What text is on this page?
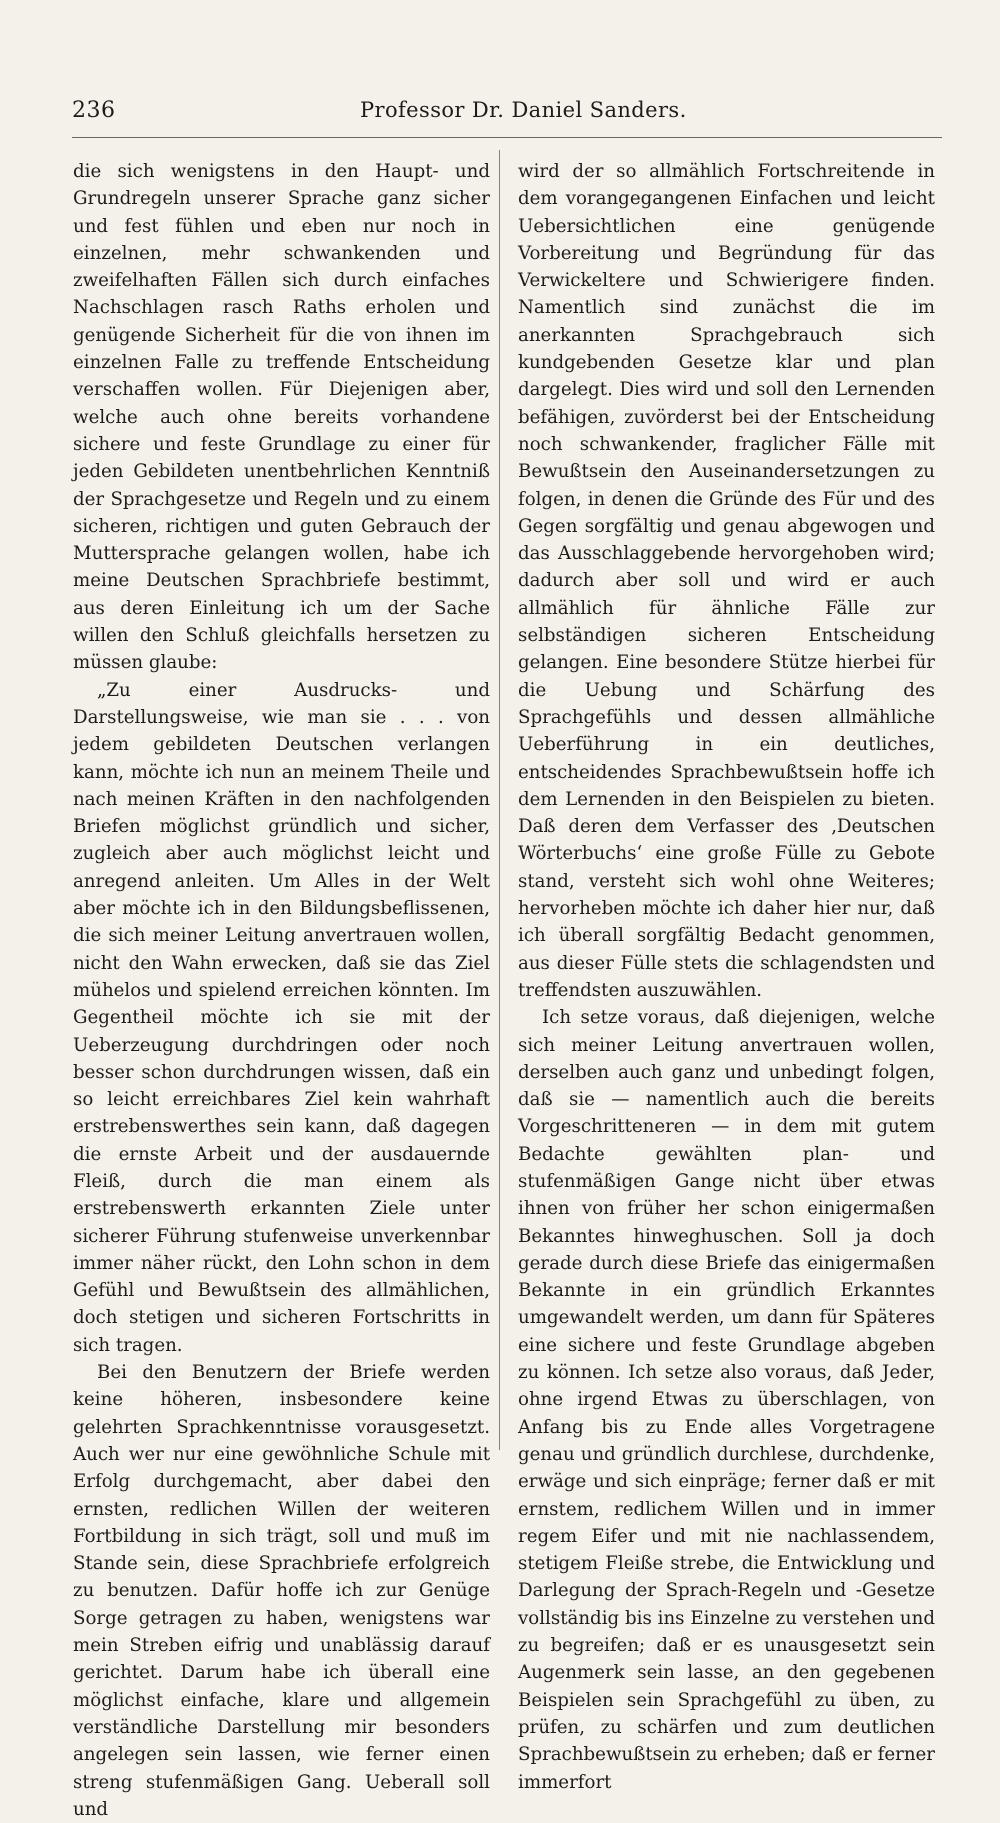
236	Professor Dr. Daniel Sanders.

die sich wenigstens in den Haupt- und Grundregeln unserer Sprache ganz sicher und fest fühlen und eben nur noch in einzelnen, mehr schwankenden und zweifelhaften Fällen sich durch einfaches Nachschlagen rasch Raths erholen und genügende Sicherheit für die von ihnen im einzelnen Falle zu treffende Entscheidung verschaffen wollen. Für Diejenigen aber, welche auch ohne bereits vorhandene sichere und feste Grundlage zu einer für jeden Gebildeten unentbehrlichen Kenntniß der Sprachgesetze und Regeln und zu einem sicheren, richtigen und guten Gebrauch der Muttersprache gelangen wollen, habe ich meine Deutschen Sprachbriefe bestimmt, aus deren Einleitung ich um der Sache willen den Schluß gleichfalls hersetzen zu müssen glaube:

„Zu einer Ausdrucks- und Darstellungsweise, wie man sie . . . von jedem gebildeten Deutschen verlangen kann, möchte ich nun an meinem Theile und nach meinen Kräften in den nachfolgenden Briefen möglichst gründlich und sicher, zugleich aber auch möglichst leicht und anregend anleiten. Um Alles in der Welt aber möchte ich in den Bildungsbeflissenen, die sich meiner Leitung anvertrauen wollen, nicht den Wahn erwecken, daß sie das Ziel mühelos und spielend erreichen könnten. Im Gegentheil möchte ich sie mit der Ueberzeugung durchdringen oder noch besser schon durchdrungen wissen, daß ein so leicht erreichbares Ziel kein wahrhaft erstrebenswerthes sein kann, daß dagegen die ernste Arbeit und der ausdauernde Fleiß, durch die man einem als erstrebenswerth erkannten Ziele unter sicherer Führung stufenweise unverkennbar immer näher rückt, den Lohn schon in dem Gefühl und Bewußtsein des allmählichen, doch stetigen und sicheren Fortschritts in sich tragen.

Bei den Benutzern der Briefe werden keine höheren, insbesondere keine gelehrten Sprachkenntnisse vorausgesetzt. Auch wer nur eine gewöhnliche Schule mit Erfolg durchgemacht, aber dabei den ernsten, redlichen Willen der weiteren Fortbildung in sich trägt, soll und muß im Stande sein, diese Sprachbriefe erfolgreich zu benutzen. Dafür hoffe ich zur Genüge Sorge getragen zu haben, wenigstens war mein Streben eifrig und unablässig darauf gerichtet. Darum habe ich überall eine möglichst einfache, klare und allgemein verständliche Darstellung mir besonders angelegen sein lassen, wie ferner einen streng stufenmäßigen Gang. Ueberall soll und

wird der so allmählich Fortschreitende in dem vorangegangenen Einfachen und leicht Uebersichtlichen eine genügende Vorbereitung und Begründung für das Verwickeltere und Schwierigere finden. Namentlich sind zunächst die im anerkannten Sprachgebrauch sich kundgebenden Gesetze klar und plan dargelegt. Dies wird und soll den Lernenden befähigen, zuvörderst bei der Entscheidung noch schwankender, fraglicher Fälle mit Bewußtsein den Auseinandersetzungen zu folgen, in denen die Gründe des Für und des Gegen sorgfältig und genau abgewogen und das Ausschlaggebende hervorgehoben wird; dadurch aber soll und wird er auch allmählich für ähnliche Fälle zur selbständigen sicheren Entscheidung gelangen. Eine besondere Stütze hierbei für die Uebung und Schärfung des Sprachgefühls und dessen allmähliche Ueberführung in ein deutliches, entscheidendes Sprachbewußtsein hoffe ich dem Lernenden in den Beispielen zu bieten. Daß deren dem Verfasser des ‚Deutschen Wörterbuchs‘ eine große Fülle zu Gebote stand, versteht sich wohl ohne Weiteres; hervorheben möchte ich daher hier nur, daß ich überall sorgfältig Bedacht genommen, aus dieser Fülle stets die schlagendsten und treffendsten auszuwählen.

Ich setze voraus, daß diejenigen, welche sich meiner Leitung anvertrauen wollen, derselben auch ganz und unbedingt folgen, daß sie — namentlich auch die bereits Vorgeschritteneren — in dem mit gutem Bedachte gewählten plan- und stufenmäßigen Gange nicht über etwas ihnen von früher her schon einigermaßen Bekanntes hinweghuschen. Soll ja doch gerade durch diese Briefe das einigermaßen Bekannte in ein gründlich Erkanntes umgewandelt werden, um dann für Späteres eine sichere und feste Grundlage abgeben zu können. Ich setze also voraus, daß Jeder, ohne irgend Etwas zu überschlagen, von Anfang bis zu Ende alles Vorgetragene genau und gründlich durchlese, durchdenke, erwäge und sich einpräge; ferner daß er mit ernstem, redlichem Willen und in immer regem Eifer und mit nie nachlassendem, stetigem Fleiße strebe, die Entwicklung und Darlegung der Sprach-Regeln und -Gesetze vollständig bis ins Einzelne zu verstehen und zu begreifen; daß er es unausgesetzt sein Augenmerk sein lasse, an den gegebenen Beispielen sein Sprachgefühl zu üben, zu prüfen, zu schärfen und zum deutlichen Sprachbewußtsein zu erheben; daß er ferner immerfort
